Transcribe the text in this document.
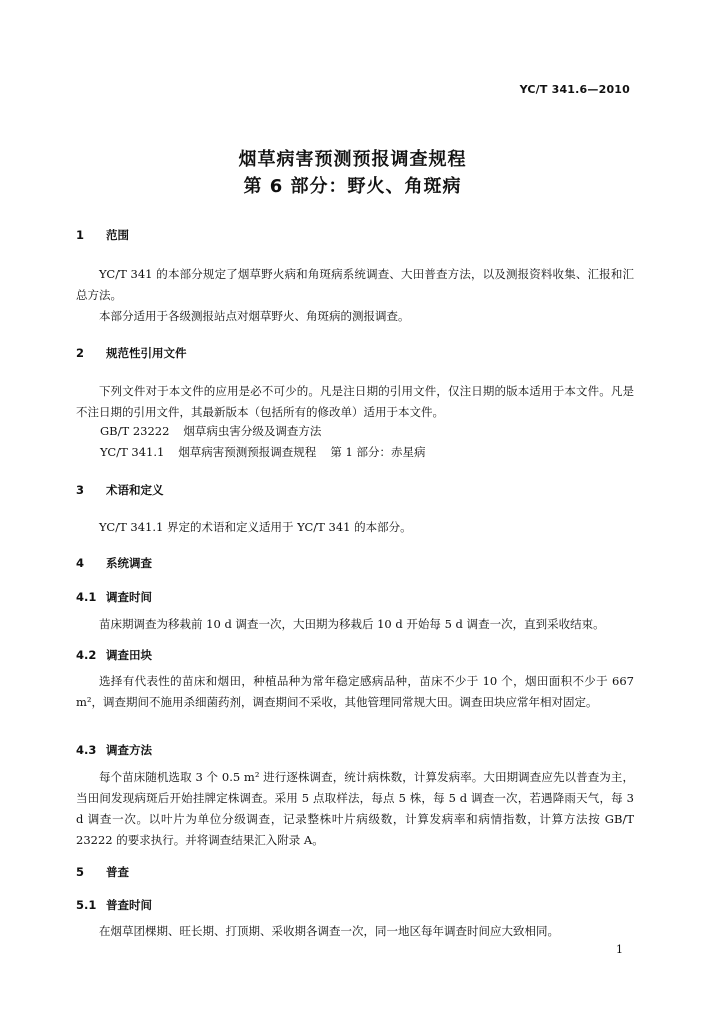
YC/T 341.6—2010
烟草病害预测预报调查规程
第 6 部分：野火、角斑病
1 范围
YC/T 341 的本部分规定了烟草野火病和角斑病系统调查、大田普查方法，以及测报资料收集、汇报和汇总方法。
本部分适用于各级测报站点对烟草野火、角斑病的测报调查。
2 规范性引用文件
下列文件对于本文件的应用是必不可少的。凡是注日期的引用文件，仅注日期的版本适用于本文件。凡是不注日期的引用文件，其最新版本（包括所有的修改单）适用于本文件。
GB/T 23222 烟草病虫害分级及调查方法
YC/T 341.1 烟草病害预测预报调查规程 第 1 部分：赤星病
3 术语和定义
YC/T 341.1 界定的术语和定义适用于 YC/T 341 的本部分。
4 系统调查
4.1 调查时间
苗床期调查为移栽前 10 d 调查一次，大田期为移栽后 10 d 开始每 5 d 调查一次，直到采收结束。
4.2 调查田块
选择有代表性的苗床和烟田，种植品种为常年稳定感病品种，苗床不少于 10 个，烟田面积不少于 667 m²，调查期间不施用杀细菌药剂，调查期间不采收，其他管理同常规大田。调查田块应常年相对固定。
4.3 调查方法
每个苗床随机选取 3 个 0.5 m² 进行逐株调查，统计病株数，计算发病率。大田期调查应先以普查为主，当田间发现病斑后开始挂牌定株调查。采用 5 点取样法，每点 5 株，每 5 d 调查一次，若遇降雨天气，每 3 d 调查一次。以叶片为单位分级调查，记录整株叶片病级数，计算发病率和病情指数，计算方法按 GB/T 23222 的要求执行。并将调查结果汇入附录 A。
5 普查
5.1 普查时间
在烟草团棵期、旺长期、打顶期、采收期各调查一次，同一地区每年调查时间应大致相同。
1
